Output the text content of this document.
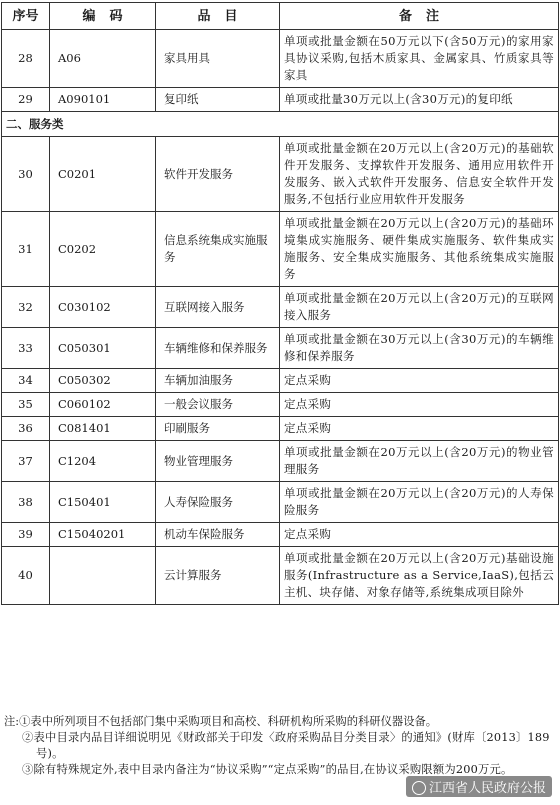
序号	编码	品目	备注
28	A06	家具用具	单项或批量金额在50万元以下(含50万元)的家用家具协议采购,包括木质家具、金属家具、竹质家具等家具
29	A090101	复印纸	单项或批量30万元以上(含30万元)的复印纸
二、服务类			
30	C0201	软件开发服务	单项或批量金额在20万元以上(含20万元)的基础软件开发服务、支撑软件开发服务、通用应用软件开发服务、嵌入式软件开发服务、信息安全软件开发服务,不包括行业应用软件开发服务
31	C0202	信息系统集成实施服务	单项或批量金额在20万元以上(含20万元)的基础环境集成实施服务、硬件集成实施服务、软件集成实施服务、安全集成实施服务、其他系统集成实施服务
32	C030102	互联网接入服务	单项或批量金额在20万元以上(含20万元)的互联网接入服务
33	C050301	车辆维修和保养服务	单项或批量金额在30万元以上(含30万元)的车辆维修和保养服务
34	C050302	车辆加油服务	定点采购
35	C060102	一般会议服务	定点采购
36	C081401	印刷服务	定点采购
37	C1204	物业管理服务	单项或批量金额在20万元以上(含20万元)的物业管理服务
38	C150401	人寿保险服务	单项或批量金额在20万元以上(含20万元)的人寿保险服务
39	C15040201	机动车保险服务	定点采购
40		云计算服务	单项或批量金额在20万元以上(含20万元)基础设施服务(Infrastructure as a Service,IaaS),包括云主机、块存储、对象存储等,系统集成项目除外
注:①表中所列项目不包括部门集中采购项目和高校、科研机构所采购的科研仪器设备。
②表中目录内品目详细说明见《财政部关于印发〈政府采购品目分类目录〉的通知》(财库〔2013〕189号)。
③除有特殊规定外,表中目录内备注为“协议采购”“定点采购”的品目,在协议采购限额为200万元。
江西省人民政府公报
